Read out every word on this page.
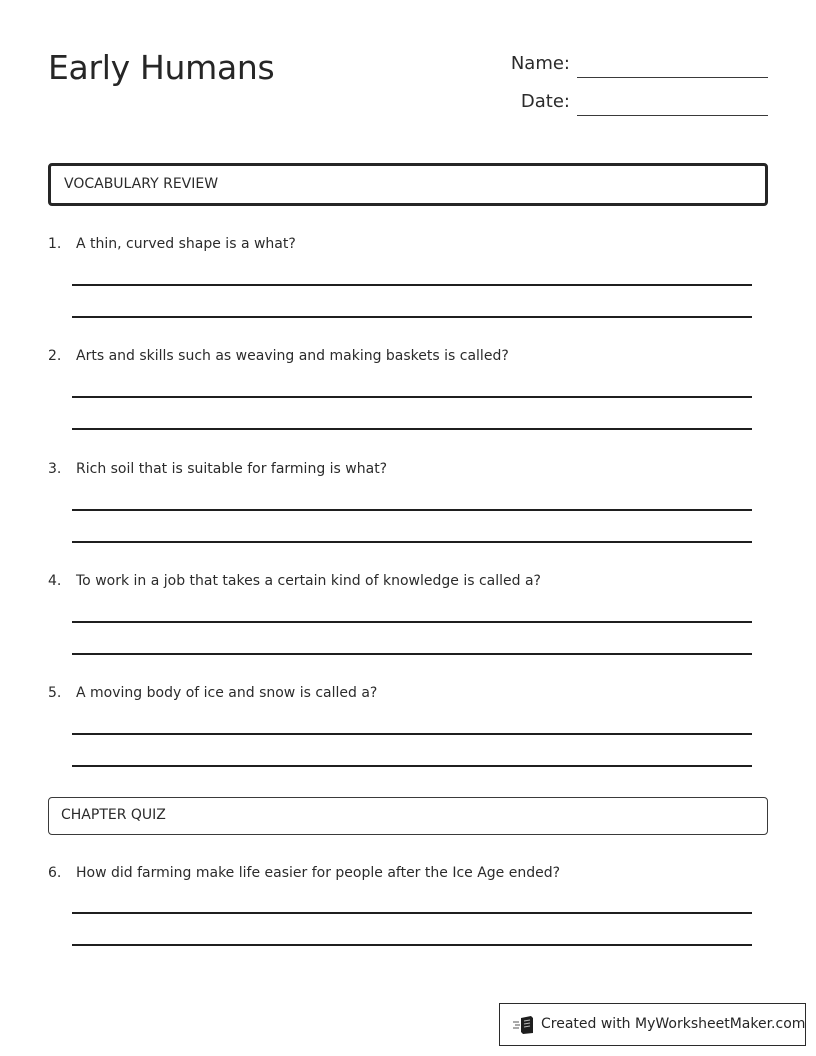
Early Humans	Name:
Date:
VOCABULARY REVIEW
1. A thin, curved shape is a what?
2. Arts and skills such as weaving and making baskets is called?
3. Rich soil that is suitable for farming is what?
4. To work in a job that takes a certain kind of knowledge is called a?
5. A moving body of ice and snow is called a?
CHAPTER QUIZ
6. How did farming make life easier for people after the Ice Age ended?
Created with MyWorksheetMaker.com
